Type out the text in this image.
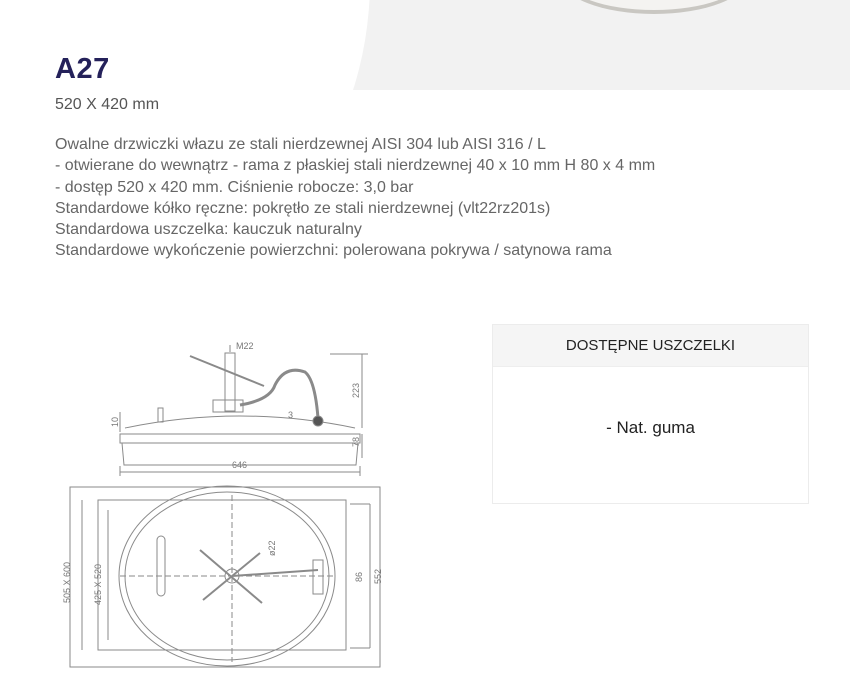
A27
520 X 420 mm
Owalne drzwiczki włazu ze stali nierdzewnej AISI 304 lub AISI 316 / L
- otwierane do wewnątrz - rama z płaskiej stali nierdzewnej 40 x 10 mm H 80 x 4 mm
- dostęp 520 x 420 mm. Ciśnienie robocze: 3,0 bar
Standardowe kółko ręczne: pokrętło ze stali nierdzewnej (vlt22rz201s)
Standardowa uszczelka: kauczuk naturalny
Standardowe wykończenie powierzchni: polerowana pokrywa / satynowa rama
M22
223
10
78
646
3
505 X 600 425 X 520
ø22
86 552
DOSTĘPNE USZCZELKI
- Nat. guma
